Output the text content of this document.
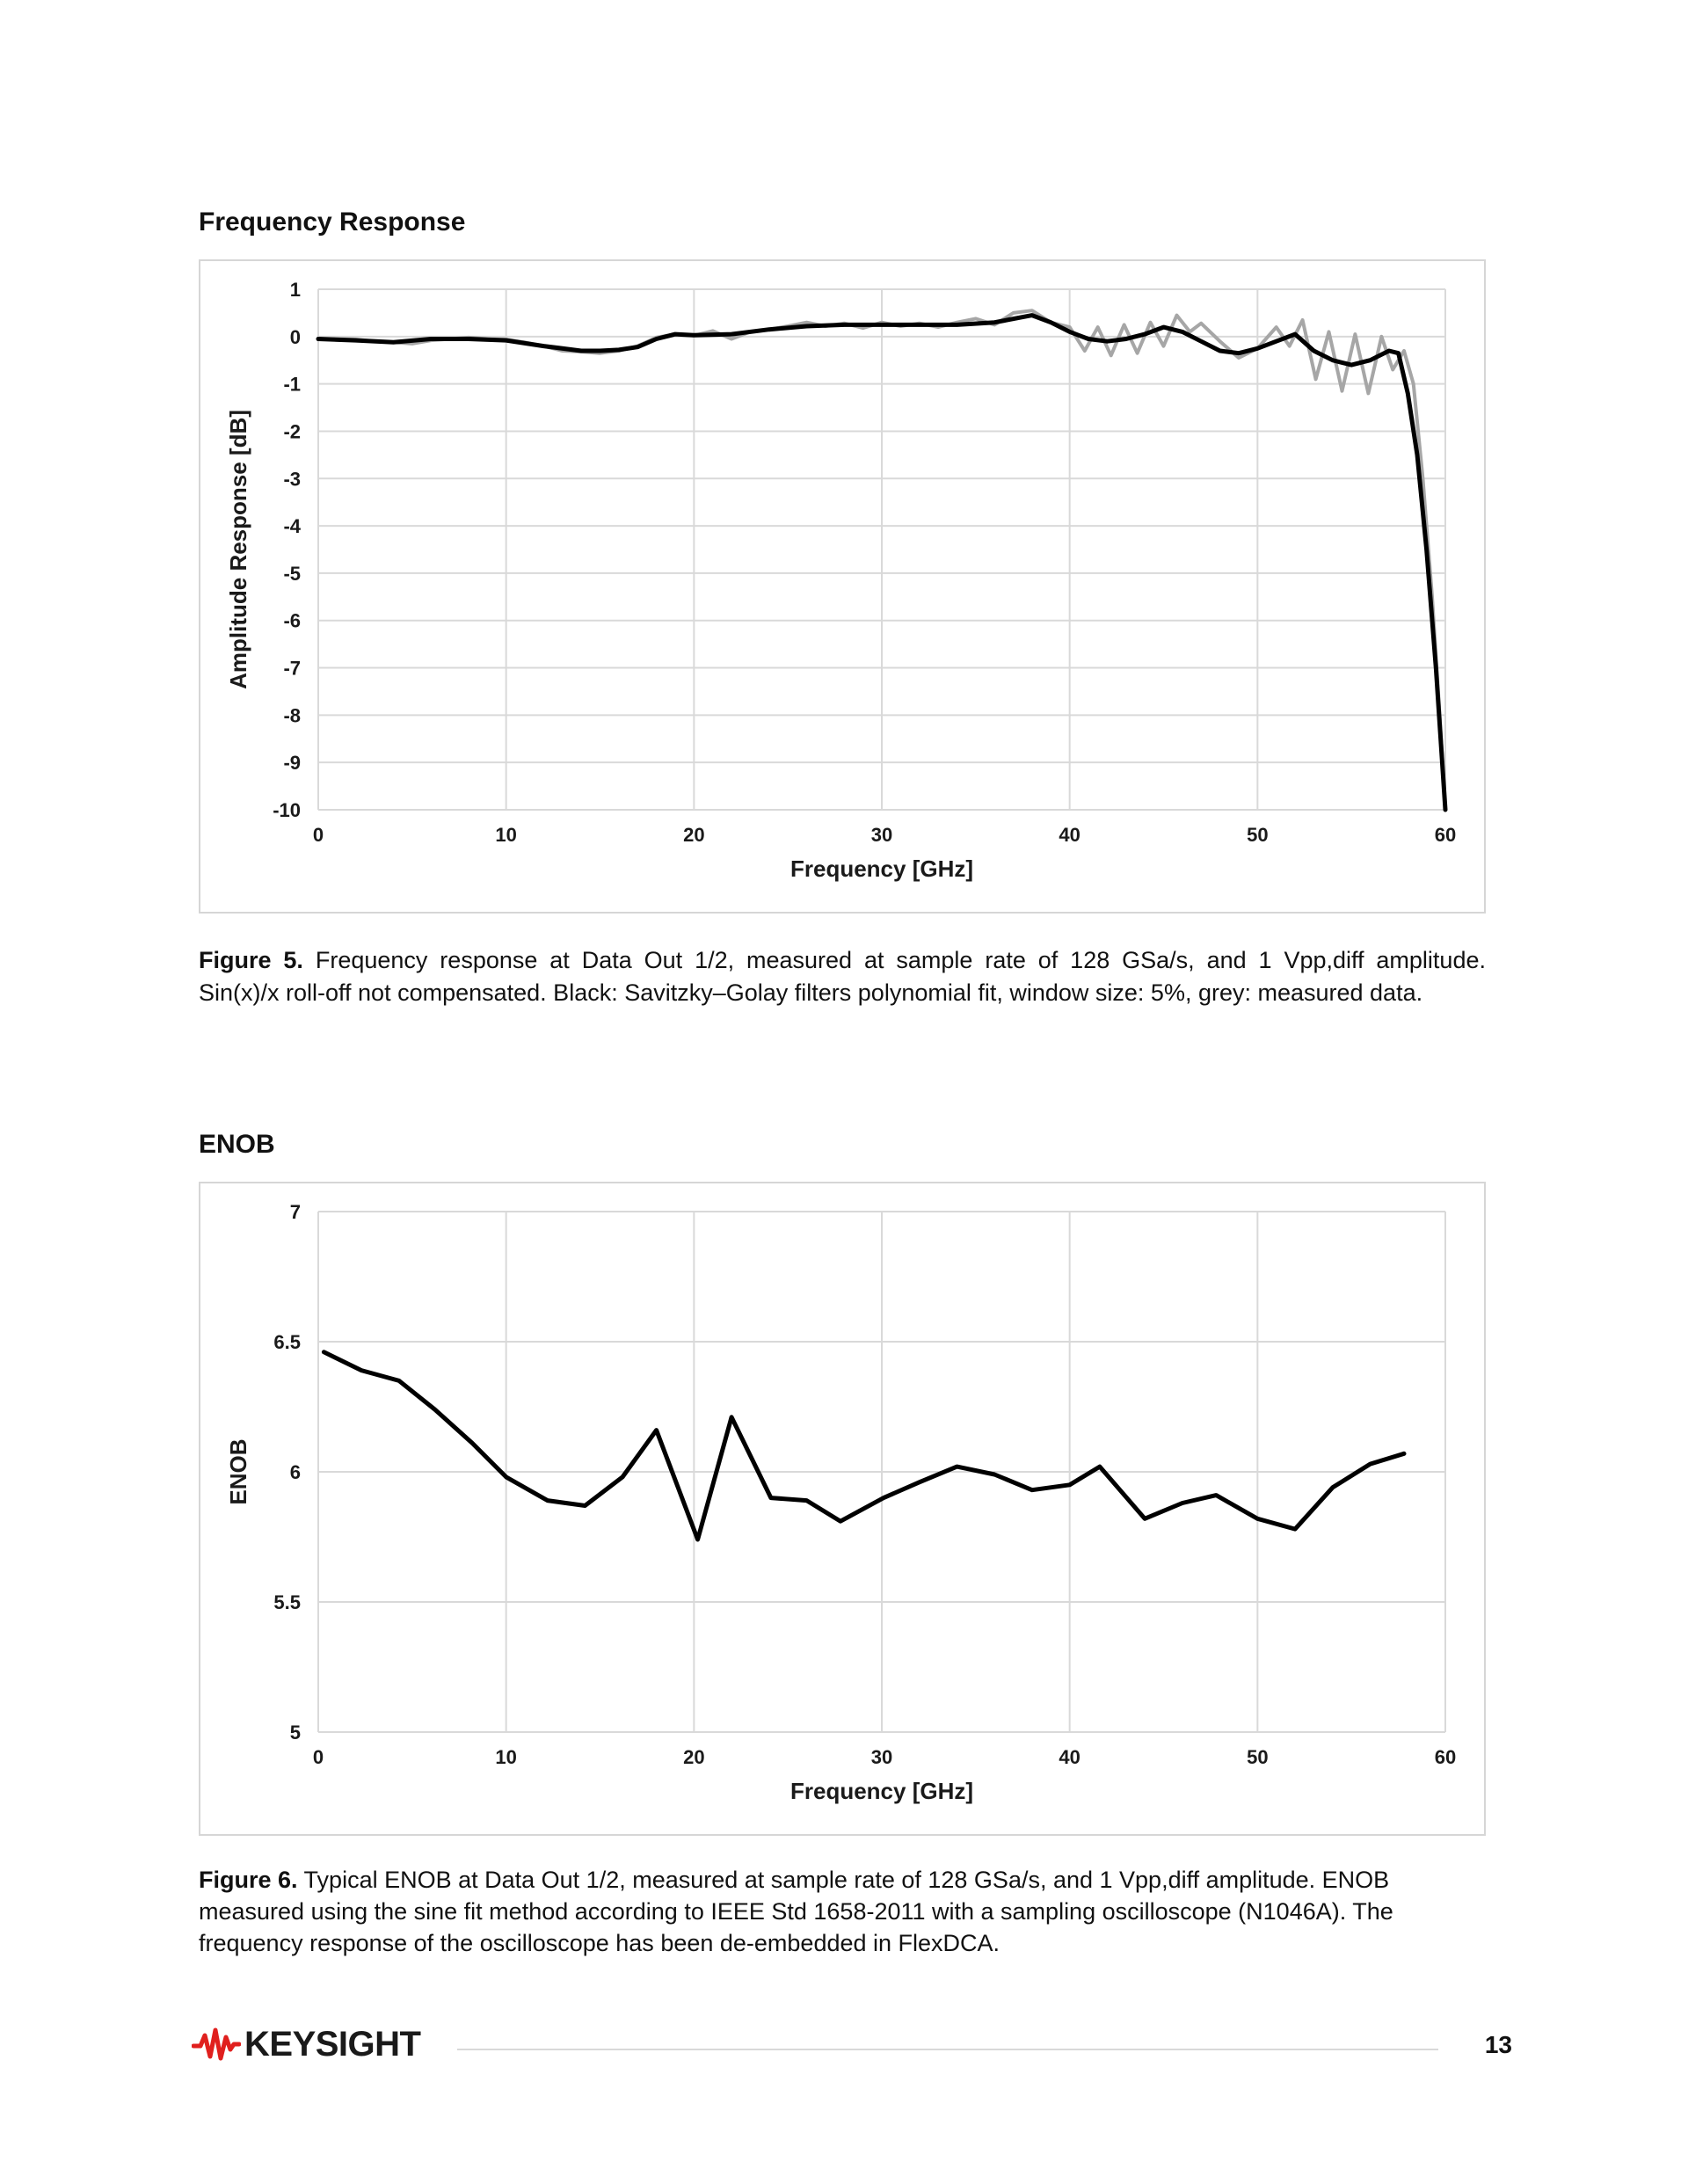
Frequency Response
1
0
-1
-2
-3
-4
-5
-6
-7
-8
-9
-10
0	10	20	30	40	50	60
Frequency [GHz]
Amplitude Response [dB]

Figure 5. Frequency response at Data Out 1/2, measured at sample rate of 128 GSa/s, and 1 Vpp,diff amplitude.

Sin(x)/x roll-off not compensated. Black: Savitzky–Golay filters polynomial fit, window size: 5%, grey: measured data.

ENOB
7
6.5
6
5.5
5
0	10	20	30	40	50	60
Frequency [GHz]
ENOB

Figure 6. Typical ENOB at Data Out 1/2, measured at sample rate of 128 GSa/s, and 1 Vpp,diff amplitude. ENOB measured using the sine fit method according to IEEE Std 1658-2011 with a sampling oscilloscope (N1046A). The frequency response of the oscilloscope has been de-embedded in FlexDCA.

KEYSIGHT	13
